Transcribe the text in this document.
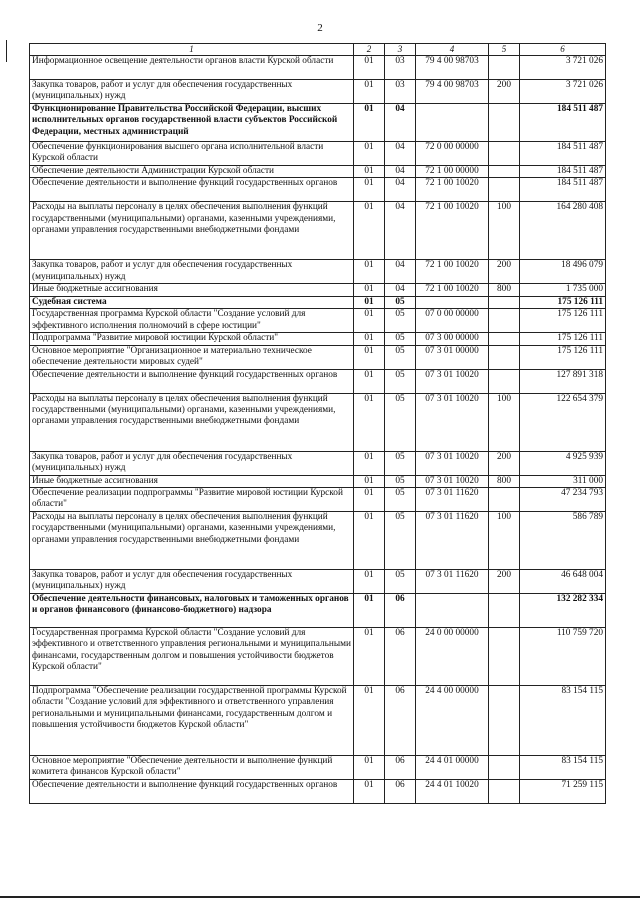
2
1	2	3	4	5	6
Информационное освещение деятельности органов власти Курской области	01	03	79 4 00 98703		3 721 026
Закупка товаров, работ и услуг для обеспечения государственных (муниципальных) нужд	01	03	79 4 00 98703	200	3 721 026
Функционирование Правительства Российской Федерации, высших исполнительных органов государственной власти субъектов Российской Федерации, местных администраций	01	04			184 511 487
Обеспечение функционирования высшего органа исполнительной власти Курской области	01	04	72 0 00 00000		184 511 487
Обеспечение деятельности Администрации Курской области	01	04	72 1 00 00000		184 511 487
Обеспечение деятельности и выполнение функций государственных органов	01	04	72 1 00 10020		184 511 487
Расходы на выплаты персоналу в целях обеспечения выполнения функций государственными (муниципальными) органами, казенными учреждениями, органами управления государственными внебюджетными фондами	01	04	72 1 00 10020	100	164 280 408
Закупка товаров, работ и услуг для обеспечения государственных (муниципальных) нужд	01	04	72 1 00 10020	200	18 496 079
Иные бюджетные ассигнования	01	04	72 1 00 10020	800	1 735 000
Судебная система	01	05			175 126 111
Государственная программа Курской области "Создание условий для эффективного исполнения полномочий в сфере юстиции"	01	05	07 0 00 00000		175 126 111
Подпрограмма "Развитие мировой юстиции Курской области"	01	05	07 3 00 00000		175 126 111
Основное мероприятие "Организационное и материально техническое обеспечение деятельности мировых судей"	01	05	07 3 01 00000		175 126 111
Обеспечение деятельности и выполнение функций государственных органов	01	05	07 3 01 10020		127 891 318
Расходы на выплаты персоналу в целях обеспечения выполнения функций государственными (муниципальными) органами, казенными учреждениями, органами управления государственными внебюджетными фондами	01	05	07 3 01 10020	100	122 654 379
Закупка товаров, работ и услуг для обеспечения государственных (муниципальных) нужд	01	05	07 3 01 10020	200	4 925 939
Иные бюджетные ассигнования	01	05	07 3 01 10020	800	311 000
Обеспечение реализации подпрограммы "Развитие мировой юстиции Курской области"	01	05	07 3 01 11620		47 234 793
Расходы на выплаты персоналу в целях обеспечения выполнения функций государственными (муниципальными) органами, казенными учреждениями, органами управления государственными внебюджетными фондами	01	05	07 3 01 11620	100	586 789
Закупка товаров, работ и услуг для обеспечения государственных (муниципальных) нужд	01	05	07 3 01 11620	200	46 648 004
Обеспечение деятельности финансовых, налоговых и таможенных органов и органов финансового (финансово-бюджетного) надзора	01	06			132 282 334
Государственная программа Курской области "Создание условий для эффективного и ответственного управления региональными и муниципальными финансами, государственным долгом и повышения устойчивости бюджетов Курской области"	01	06	24 0 00 00000		110 759 720
Подпрограмма "Обеспечение реализации государственной программы Курской области "Создание условий для эффективного и ответственного управления региональными и муниципальными финансами, государственным долгом и повышения устойчивости бюджетов Курской области"	01	06	24 4 00 00000		83 154 115
Основное мероприятие "Обеспечение деятельности и выполнение функций комитета финансов Курской области"	01	06	24 4 01 00000		83 154 115
Обеспечение деятельности и выполнение функций государственных органов	01	06	24 4 01 10020		71 259 115
